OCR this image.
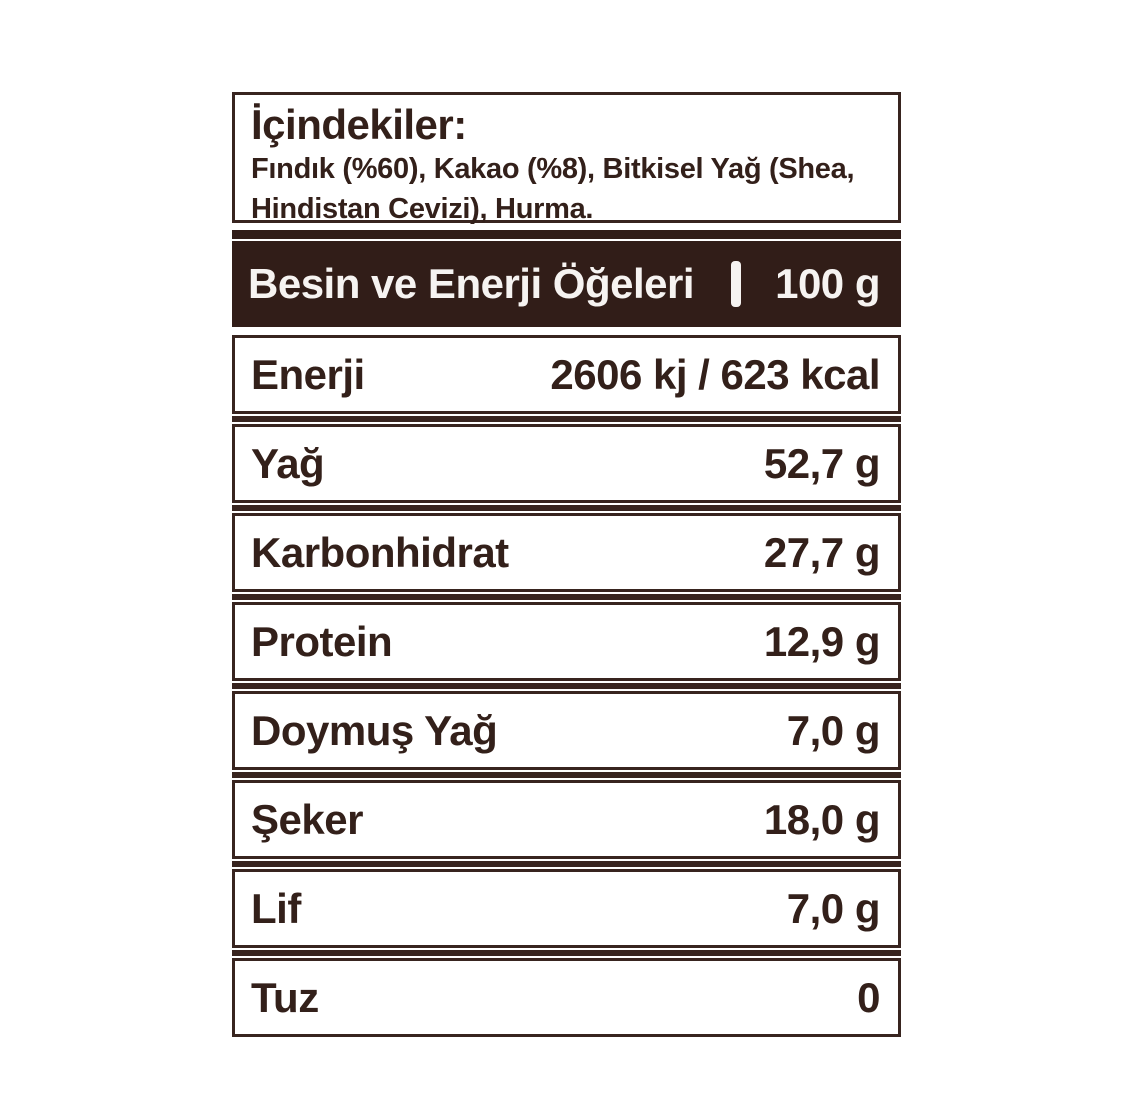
İçindekiler:
Fındık (%60), Kakao (%8), Bitkisel Yağ (Shea, Hindistan Cevizi), Hurma.
Besin ve Enerji Öğeleri 100 g
Enerji	2606 kj / 623 kcal
Yağ	52,7 g
Karbonhidrat	27,7 g
Protein	12,9 g
Doymuş Yağ	7,0 g
Şeker	18,0 g
Lif	7,0 g
Tuz	0
